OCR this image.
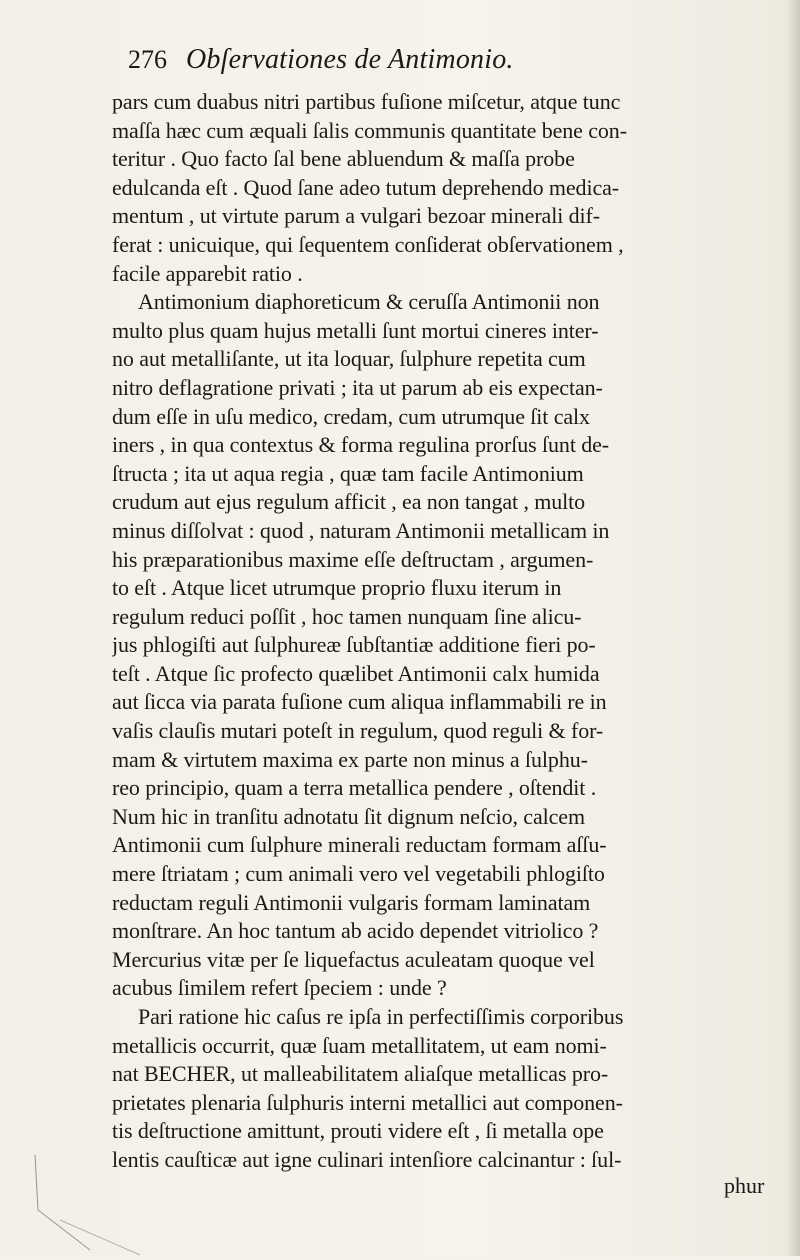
276 Obſervationes de Antimonio.
pars cum duabus nitri partibus fuſione miſcetur, atque tunc
maſſa hæc cum æquali ſalis communis quantitate bene con-
teritur . Quo facto ſal bene abluendum & maſſa probe
edulcanda eſt . Quod ſane adeo tutum deprehendo medica-
mentum , ut virtute parum a vulgari bezoar minerali dif-
ferat : unicuique, qui ſequentem conſiderat obſervationem ,
facile apparebit ratio .
Antimonium diaphoreticum & ceruſſa Antimonii non
multo plus quam hujus metalli ſunt mortui cineres inter-
no aut metalliſante, ut ita loquar, ſulphure repetita cum
nitro deflagratione privati ; ita ut parum ab eis expectan-
dum eſſe in uſu medico, credam, cum utrumque ſit calx
iners , in qua contextus & forma regulina prorſus ſunt de-
ſtructa ; ita ut aqua regia , quæ tam facile Antimonium
crudum aut ejus regulum afficit , ea non tangat , multo
minus diſſolvat : quod , naturam Antimonii metallicam in
his præparationibus maxime eſſe deſtructam , argumen-
to eſt . Atque licet utrumque proprio fluxu iterum in
regulum reduci poſſit , hoc tamen nunquam ſine alicu-
jus phlogiſti aut ſulphureæ ſubſtantiæ additione fieri po-
teſt . Atque ſic profecto quælibet Antimonii calx humida
aut ſicca via parata fuſione cum aliqua inflammabili re in
vaſis clauſis mutari poteſt in regulum, quod reguli & for-
mam & virtutem maxima ex parte non minus a ſulphu-
reo principio, quam a terra metallica pendere , oſtendit .
Num hic in tranſitu adnotatu ſit dignum neſcio, calcem
Antimonii cum ſulphure minerali reductam formam aſſu-
mere ſtriatam ; cum animali vero vel vegetabili phlogiſto
reductam reguli Antimonii vulgaris formam laminatam
monſtrare. An hoc tantum ab acido dependet vitriolico ?
Mercurius vitæ per ſe liquefactus aculeatam quoque vel
acubus ſimilem refert ſpeciem : unde ?
Pari ratione hic caſus re ipſa in perfectiſſimis corporibus
metallicis occurrit, quæ ſuam metallitatem, ut eam nomi-
nat BECHER, ut malleabilitatem aliaſque metallicas pro-
prietates plenaria ſulphuris interni metallici aut componen-
tis deſtructione amittunt, prouti videre eſt , ſi metalla ope
lentis cauſticæ aut igne culinari intenſiore calcinantur : ſul-
phur
